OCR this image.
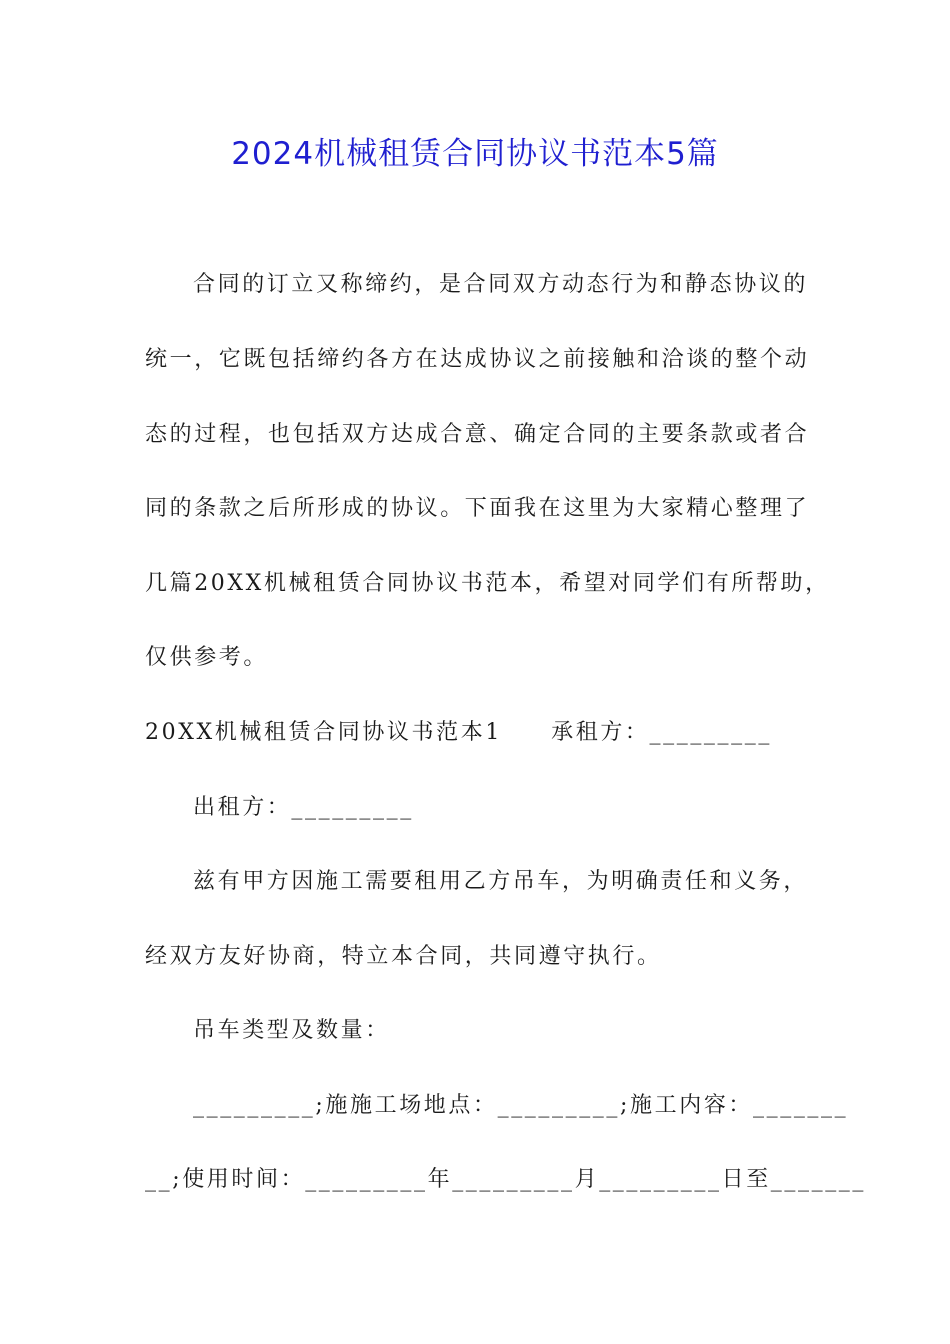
2024机械租赁合同协议书范本5篇
合同的订立又称缔约，是合同双方动态行为和静态协议的
统一，它既包括缔约各方在达成协议之前接触和洽谈的整个动
态的过程，也包括双方达成合意、确定合同的主要条款或者合
同的条款之后所形成的协议。下面我在这里为大家精心整理了
几篇20XX机械租赁合同协议书范本，希望对同学们有所帮助，
仅供参考。
20XX机械租赁合同协议书范本1　　承租方：_________
出租方：_________
兹有甲方因施工需要租用乙方吊车，为明确责任和义务，
经双方友好协商，特立本合同，共同遵守执行。
吊车类型及数量：
_________;施施工场地点：_________;施工内容：_______
__;使用时间：_________年_________月_________日至_______
